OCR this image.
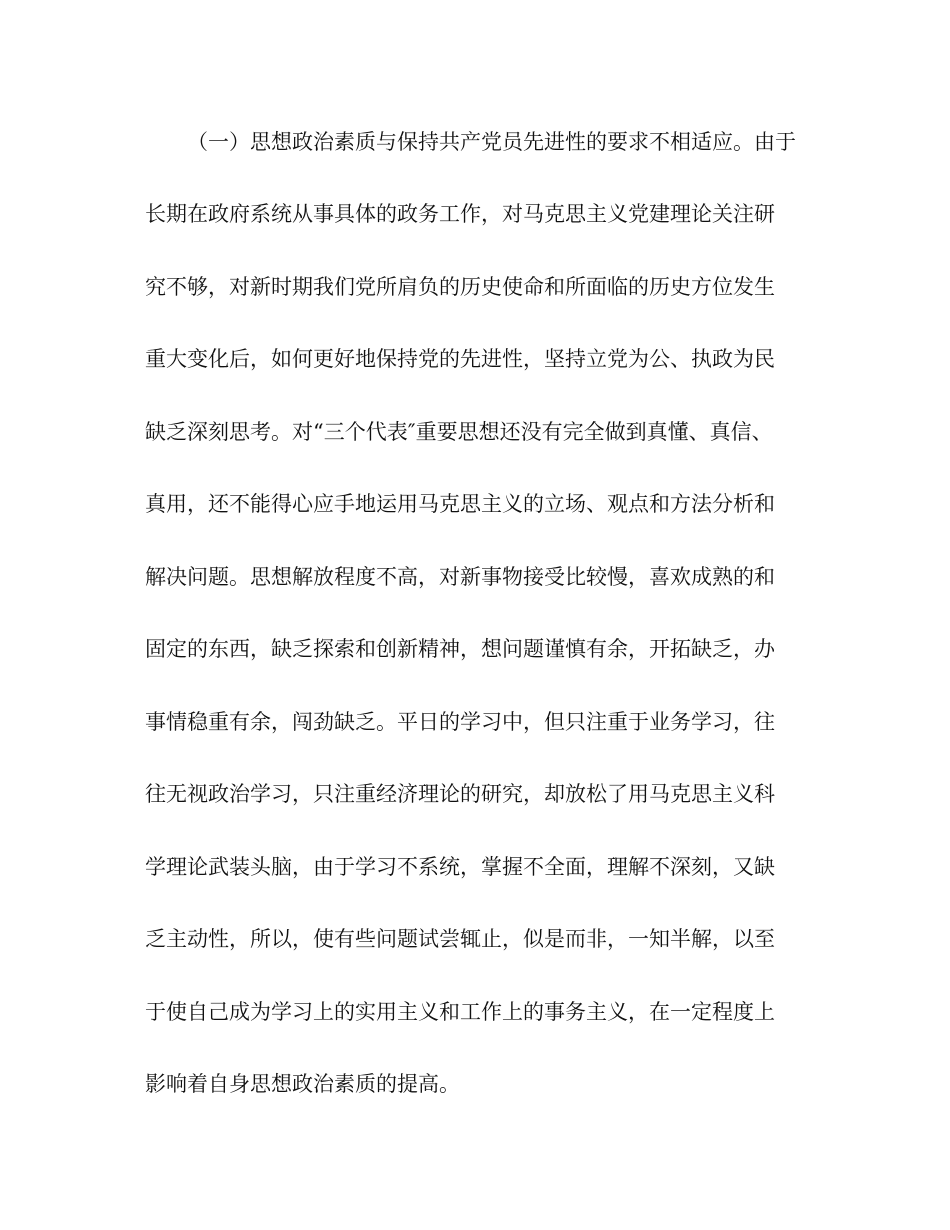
（一）思想政治素质与保持共产党员先进性的要求不相适应。由于
长期在政府系统从事具体的政务工作，对马克思主义党建理论关注研
究不够，对新时期我们党所肩负的历史使命和所面临的历史方位发生
重大变化后，如何更好地保持党的先进性，坚持立党为公、执政为民
缺乏深刻思考。对“三个代表″重要思想还没有完全做到真懂、真信、
真用，还不能得心应手地运用马克思主义的立场、观点和方法分析和
解决问题。思想解放程度不高，对新事物接受比较慢，喜欢成熟的和
固定的东西，缺乏探索和创新精神，想问题谨慎有余，开拓缺乏，办
事情稳重有余，闯劲缺乏。平日的学习中，但只注重于业务学习，往
往无视政治学习，只注重经济理论的研究，却放松了用马克思主义科
学理论武装头脑，由于学习不系统，掌握不全面，理解不深刻，又缺
乏主动性，所以，使有些问题试尝辄止，似是而非，一知半解，以至
于使自己成为学习上的实用主义和工作上的事务主义，在一定程度上
影响着自身思想政治素质的提高。
